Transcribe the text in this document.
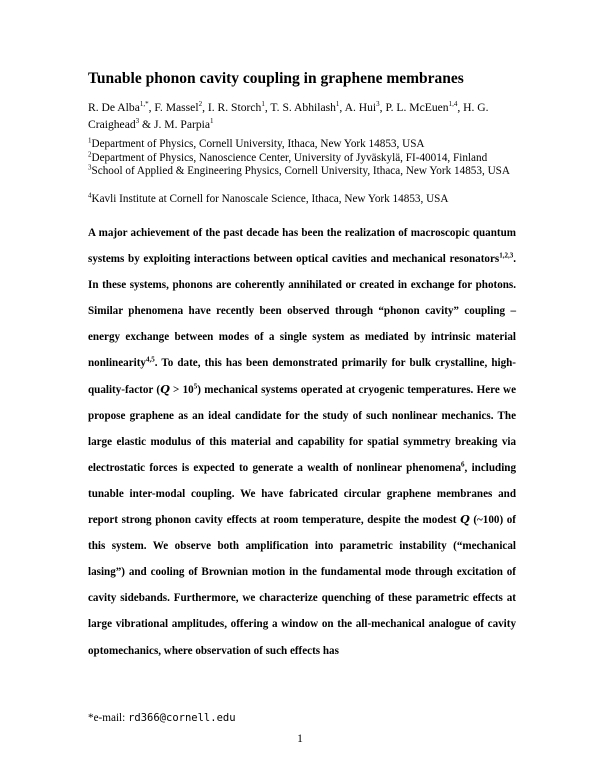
Tunable phonon cavity coupling in graphene membranes
R. De Alba$^{1,*}$, F. Massel$^2$, I. R. Storch$^1$, T. S. Abhilash$^1$, A. Hui$^3$, P. L. McEuen$^{1,4}$, H. G. Craighead$^3$ & J. M. Parpia$^1$
$^1$Department of Physics, Cornell University, Ithaca, New York 14853, USA
$^2$Department of Physics, Nanoscience Center, University of Jyväskylä, FI-40014, Finland
$^3$School of Applied & Engineering Physics, Cornell University, Ithaca, New York 14853, USA
$^4$Kavli Institute at Cornell for Nanoscale Science, Ithaca, New York 14853, USA
A major achievement of the past decade has been the realization of macroscopic quantum systems by exploiting interactions between optical cavities and mechanical resonators$^{1,2,3}$. In these systems, phonons are coherently annihilated or created in exchange for photons. Similar phenomena have recently been observed through “phonon cavity” coupling – energy exchange between modes of a single system as mediated by intrinsic material nonlinearity$^{4,5}$. To date, this has been demonstrated primarily for bulk crystalline, high-quality-factor $(Q > 10^5)$ mechanical systems operated at cryogenic temperatures. Here we propose graphene as an ideal candidate for the study of such nonlinear mechanics. The large elastic modulus of this material and capability for spatial symmetry breaking via electrostatic forces is expected to generate a wealth of nonlinear phenomena$^6$, including tunable inter-modal coupling. We have fabricated circular graphene membranes and report strong phonon cavity effects at room temperature, despite the modest Q (~100) of this system. We observe both amplification into parametric instability (“mechanical lasing”) and cooling of Brownian motion in the fundamental mode through excitation of cavity sidebands. Furthermore, we characterize quenching of these parametric effects at large vibrational amplitudes, offering a window on the all-mechanical analogue of cavity optomechanics, where observation of such effects has
*e-mail: rd366@cornell.edu
1
